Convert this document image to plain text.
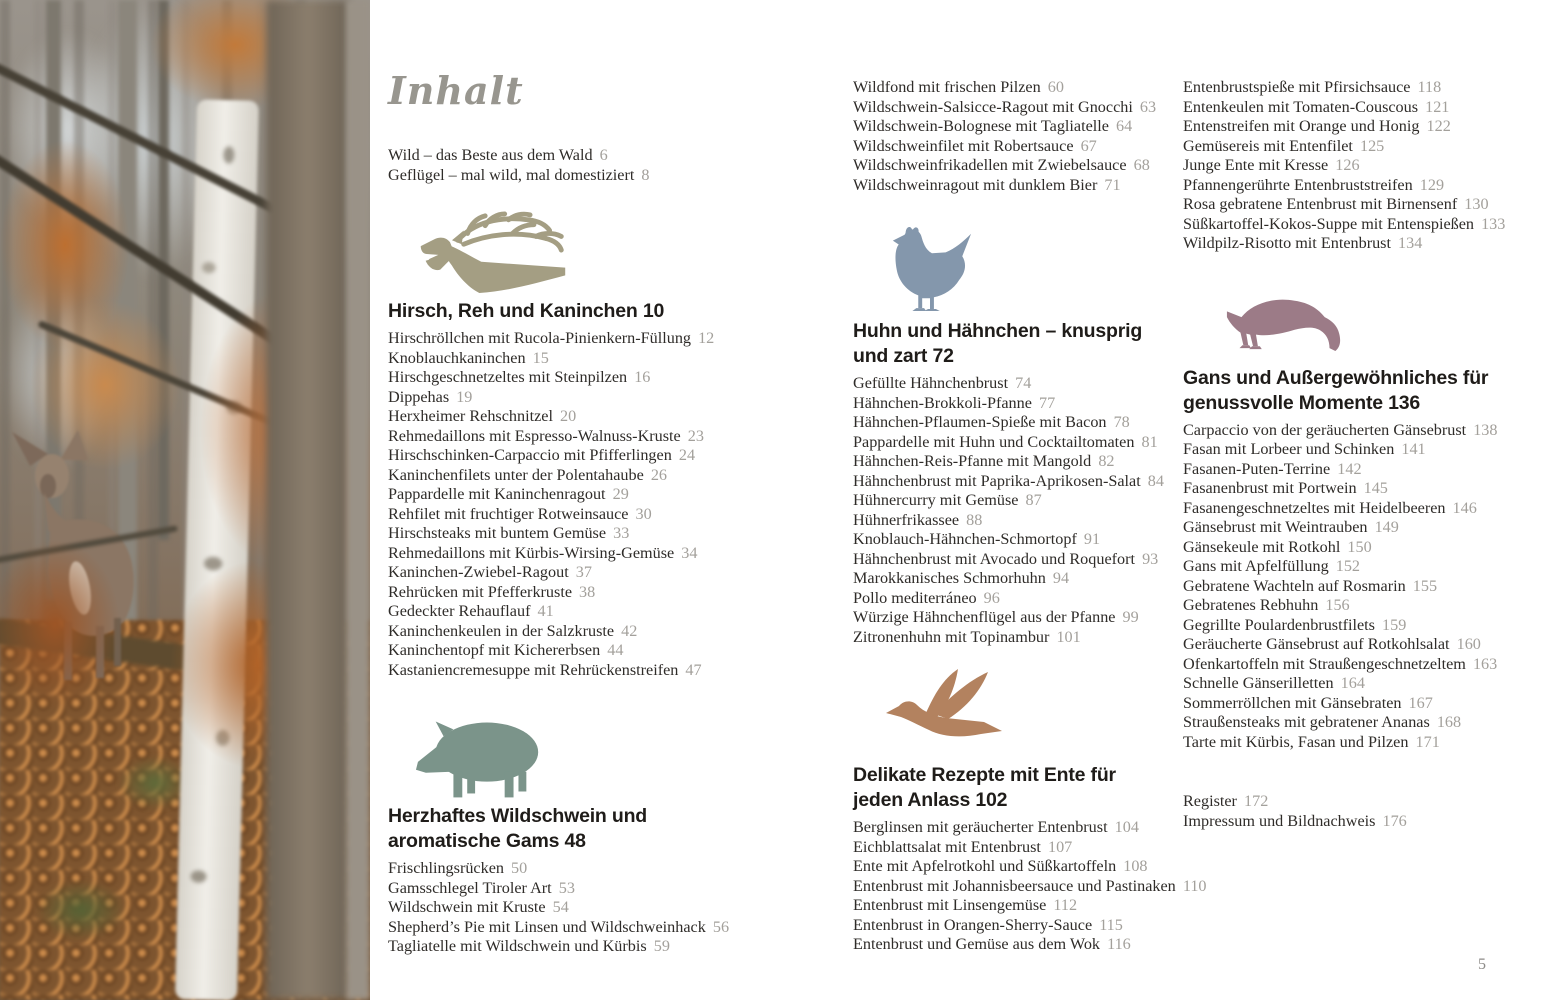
Inhalt
Wild – das Beste aus dem Wald 6
Geflügel – mal wild, mal domestiziert 8
Hirsch, Reh und Kaninchen 10
Hirschröllchen mit Rucola-Pinienkern-Füllung 12
Knoblauchkaninchen 15
Hirschgeschnetzeltes mit Steinpilzen 16
Dippehas 19
Herxheimer Rehschnitzel 20
Rehmedaillons mit Espresso-Walnuss-Kruste 23
Hirschschinken-Carpaccio mit Pfifferlingen 24
Kaninchenfilets unter der Polentahaube 26
Pappardelle mit Kaninchenragout 29
Rehfilet mit fruchtiger Rotweinsauce 30
Hirschsteaks mit buntem Gemüse 33
Rehmedaillons mit Kürbis-Wirsing-Gemüse 34
Kaninchen-Zwiebel-Ragout 37
Rehrücken mit Pfefferkruste 38
Gedeckter Rehauflauf 41
Kaninchenkeulen in der Salzkruste 42
Kaninchentopf mit Kichererbsen 44
Kastaniencremesuppe mit Rehrückenstreifen 47
Herzhaftes Wildschwein und
aromatische Gams 48
Frischlingsrücken 50
Gamsschlegel Tiroler Art 53
Wildschwein mit Kruste 54
Shepherd’s Pie mit Linsen und Wildschweinhack 56
Tagliatelle mit Wildschwein und Kürbis 59
Wildfond mit frischen Pilzen 60
Wildschwein-Salsicce-Ragout mit Gnocchi 63
Wildschwein-Bolognese mit Tagliatelle 64
Wildschweinfilet mit Robertsauce 67
Wildschweinfrikadellen mit Zwiebelsauce 68
Wildschweinragout mit dunklem Bier 71
Huhn und Hähnchen – knusprig
und zart 72
Gefüllte Hähnchenbrust 74
Hähnchen-Brokkoli-Pfanne 77
Hähnchen-Pflaumen-Spieße mit Bacon 78
Pappardelle mit Huhn und Cocktailtomaten 81
Hähnchen-Reis-Pfanne mit Mangold 82
Hähnchenbrust mit Paprika-Aprikosen-Salat 84
Hühnercurry mit Gemüse 87
Hühnerfrikassee 88
Knoblauch-Hähnchen-Schmortopf 91
Hähnchenbrust mit Avocado und Roquefort 93
Marokkanisches Schmorhuhn 94
Pollo mediterráneo 96
Würzige Hähnchenflügel aus der Pfanne 99
Zitronenhuhn mit Topinambur 101
Delikate Rezepte mit Ente für
jeden Anlass 102
Berglinsen mit geräucherter Entenbrust 104
Eichblattsalat mit Entenbrust 107
Ente mit Apfelrotkohl und Süßkartoffeln 108
Entenbrust mit Johannisbeersauce und Pastinaken 110
Entenbrust mit Linsengemüse 112
Entenbrust in Orangen-Sherry-Sauce 115
Entenbrust und Gemüse aus dem Wok 116
Entenbrustspieße mit Pfirsichsauce 118
Entenkeulen mit Tomaten-Couscous 121
Entenstreifen mit Orange und Honig 122
Gemüsereis mit Entenfilet 125
Junge Ente mit Kresse 126
Pfannengerührte Entenbruststreifen 129
Rosa gebratene Entenbrust mit Birnensenf 130
Süßkartoffel-Kokos-Suppe mit Entenspießen 133
Wildpilz-Risotto mit Entenbrust 134
Gans und Außergewöhnliches für
genussvolle Momente 136
Carpaccio von der geräucherten Gänsebrust 138
Fasan mit Lorbeer und Schinken 141
Fasanen-Puten-Terrine 142
Fasanenbrust mit Portwein 145
Fasanengeschnetzeltes mit Heidelbeeren 146
Gänsebrust mit Weintrauben 149
Gänsekeule mit Rotkohl 150
Gans mit Apfelfüllung 152
Gebratene Wachteln auf Rosmarin 155
Gebratenes Rebhuhn 156
Gegrillte Poulardenbrustfilets 159
Geräucherte Gänsebrust auf Rotkohlsalat 160
Ofenkartoffeln mit Straußengeschnetzeltem 163
Schnelle Gänserilletten 164
Sommerröllchen mit Gänsebraten 167
Straußensteaks mit gebratener Ananas 168
Tarte mit Kürbis, Fasan und Pilzen 171
Register 172
Impressum und Bildnachweis 176
5
